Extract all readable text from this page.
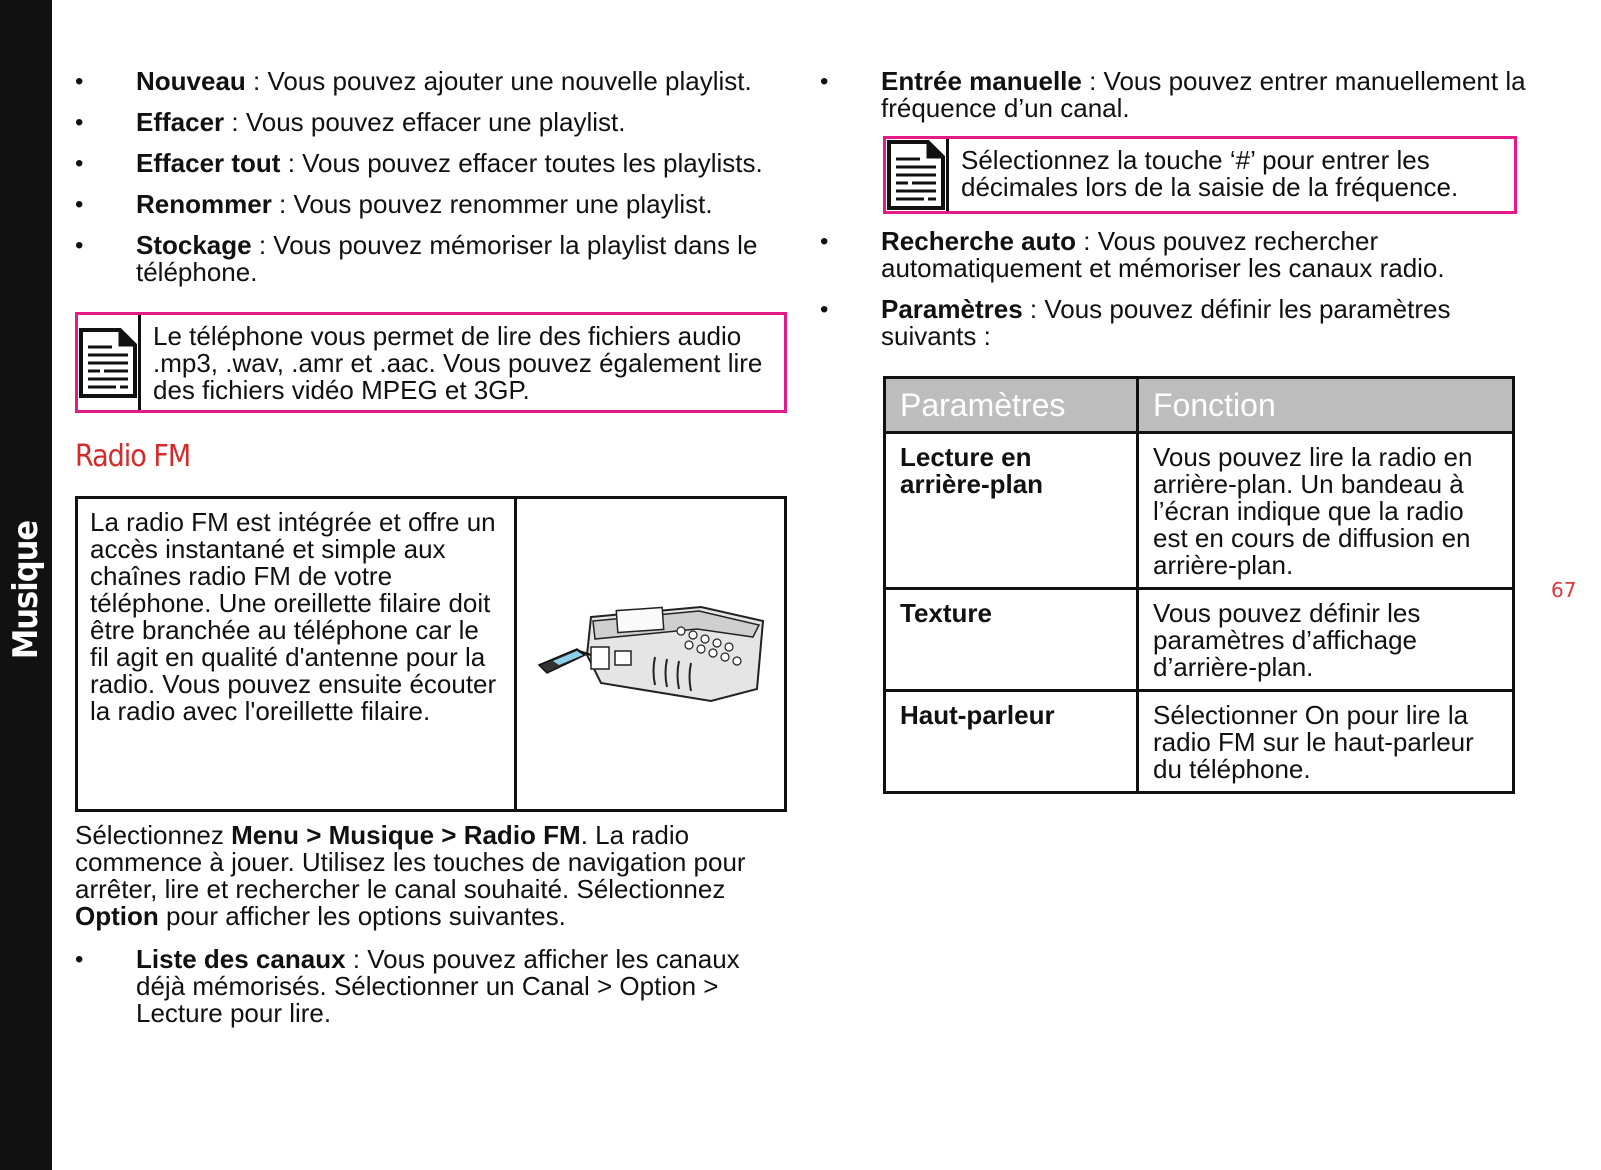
Musique	67
• Nouveau : Vous pouvez ajouter une nouvelle playlist.
• Effacer : Vous pouvez effacer une playlist.
• Effacer tout : Vous pouvez effacer toutes les playlists.
• Renommer : Vous pouvez renommer une playlist.
• Stockage : Vous pouvez mémoriser la playlist dans le téléphone.
Le téléphone vous permet de lire des fichiers audio .mp3, .wav, .amr et .aac. Vous pouvez également lire des fichiers vidéo MPEG et 3GP.
Radio FM
La radio FM est intégrée et offre un accès instantané et simple aux chaînes radio FM de votre téléphone. Une oreillette filaire doit être branchée au téléphone car le fil agit en qualité d'antenne pour la radio. Vous pouvez ensuite écouter la radio avec l'oreillette filaire.
Sélectionnez Menu > Musique > Radio FM. La radio commence à jouer. Utilisez les touches de navigation pour arrêter, lire et rechercher le canal souhaité. Sélectionnez Option pour afficher les options suivantes.
• Liste des canaux : Vous pouvez afficher les canaux déjà mémorisés. Sélectionner un Canal > Option > Lecture pour lire.
• Entrée manuelle : Vous pouvez entrer manuellement la fréquence d’un canal.
Sélectionnez la touche ‘#’ pour entrer les décimales lors de la saisie de la fréquence.
• Recherche auto : Vous pouvez rechercher automatiquement et mémoriser les canaux radio.
• Paramètres : Vous pouvez définir les paramètres suivants :
Paramètres	Fonction
Lecture en arrière-plan	Vous pouvez lire la radio en arrière-plan. Un bandeau à l’écran indique que la radio est en cours de diffusion en arrière-plan.
Texture	Vous pouvez définir les paramètres d’affichage d’arrière-plan.
Haut-parleur	Sélectionner On pour lire la radio FM sur le haut-parleur du téléphone.
